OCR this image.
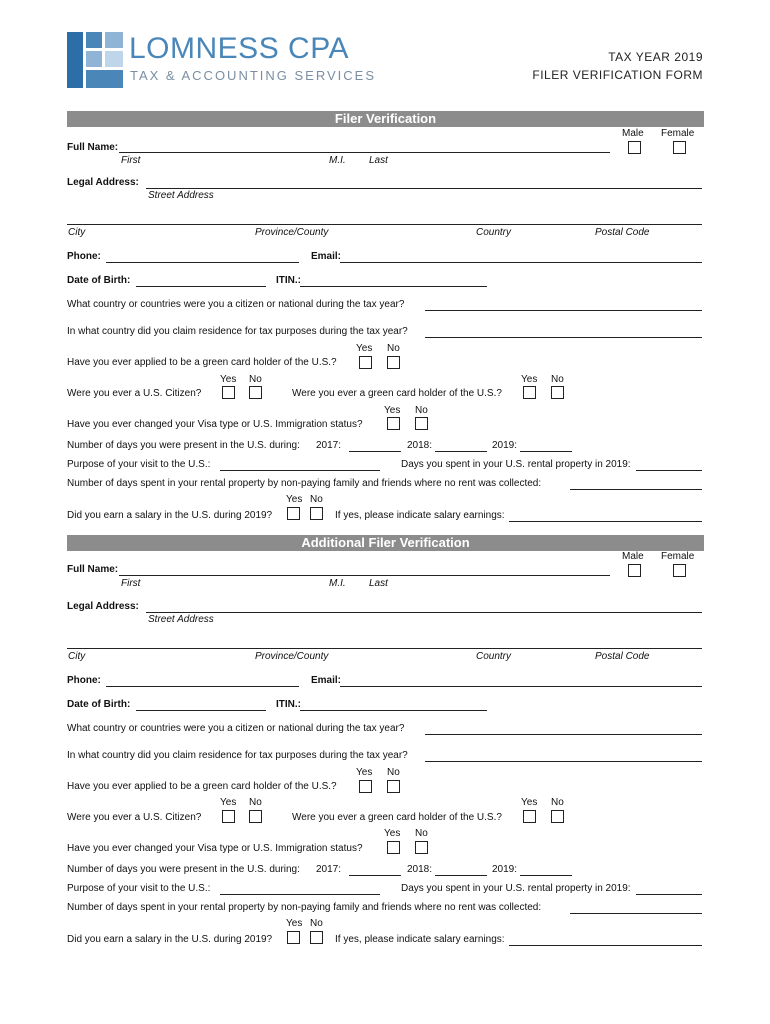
LOMNESS CPA
TAX & ACCOUNTING SERVICES
TAX YEAR 2019
FILER VERIFICATION FORM
Filer Verification
Male Female
Full Name:
First	M.I. Last
Legal Address:
Street Address
City	Province/County	Country	Postal Code
Phone:	Email:
Date of Birth:	ITIN.:
What country or countries were you a citizen or national during the tax year?
In what country did you claim residence for tax purposes during the tax year?
Yes No
Have you ever applied to be a green card holder of the U.S.?
Yes No	Yes No
Were you ever a U.S. Citizen?	Were you ever a green card holder of the U.S.?
Yes No
Have you ever changed your Visa type or U.S. Immigration status?
Number of days you were present in the U.S. during: 2017:	2018:	2019:
Purpose of your visit to the U.S.:	Days you spent in your U.S. rental property in 2019:
Number of days spent in your rental property by non-paying family and friends where no rent was collected:
Yes No
Did you earn a salary in the U.S. during 2019?	If yes, please indicate salary earnings:
Additional Filer Verification
Male Female
Full Name:
First	M.I. Last
Legal Address:
Street Address
City	Province/County	Country	Postal Code
Phone:	Email:
Date of Birth:	ITIN.:
What country or countries were you a citizen or national during the tax year?
In what country did you claim residence for tax purposes during the tax year?
Yes No
Have you ever applied to be a green card holder of the U.S.?
Yes No	Yes No
Were you ever a U.S. Citizen?	Were you ever a green card holder of the U.S.?
Yes No
Have you ever changed your Visa type or U.S. Immigration status?
Number of days you were present in the U.S. during: 2017:	2018:	2019:
Purpose of your visit to the U.S.:	Days you spent in your U.S. rental property in 2019:
Number of days spent in your rental property by non-paying family and friends where no rent was collected:
Yes No
Did you earn a salary in the U.S. during 2019?	If yes, please indicate salary earnings:
